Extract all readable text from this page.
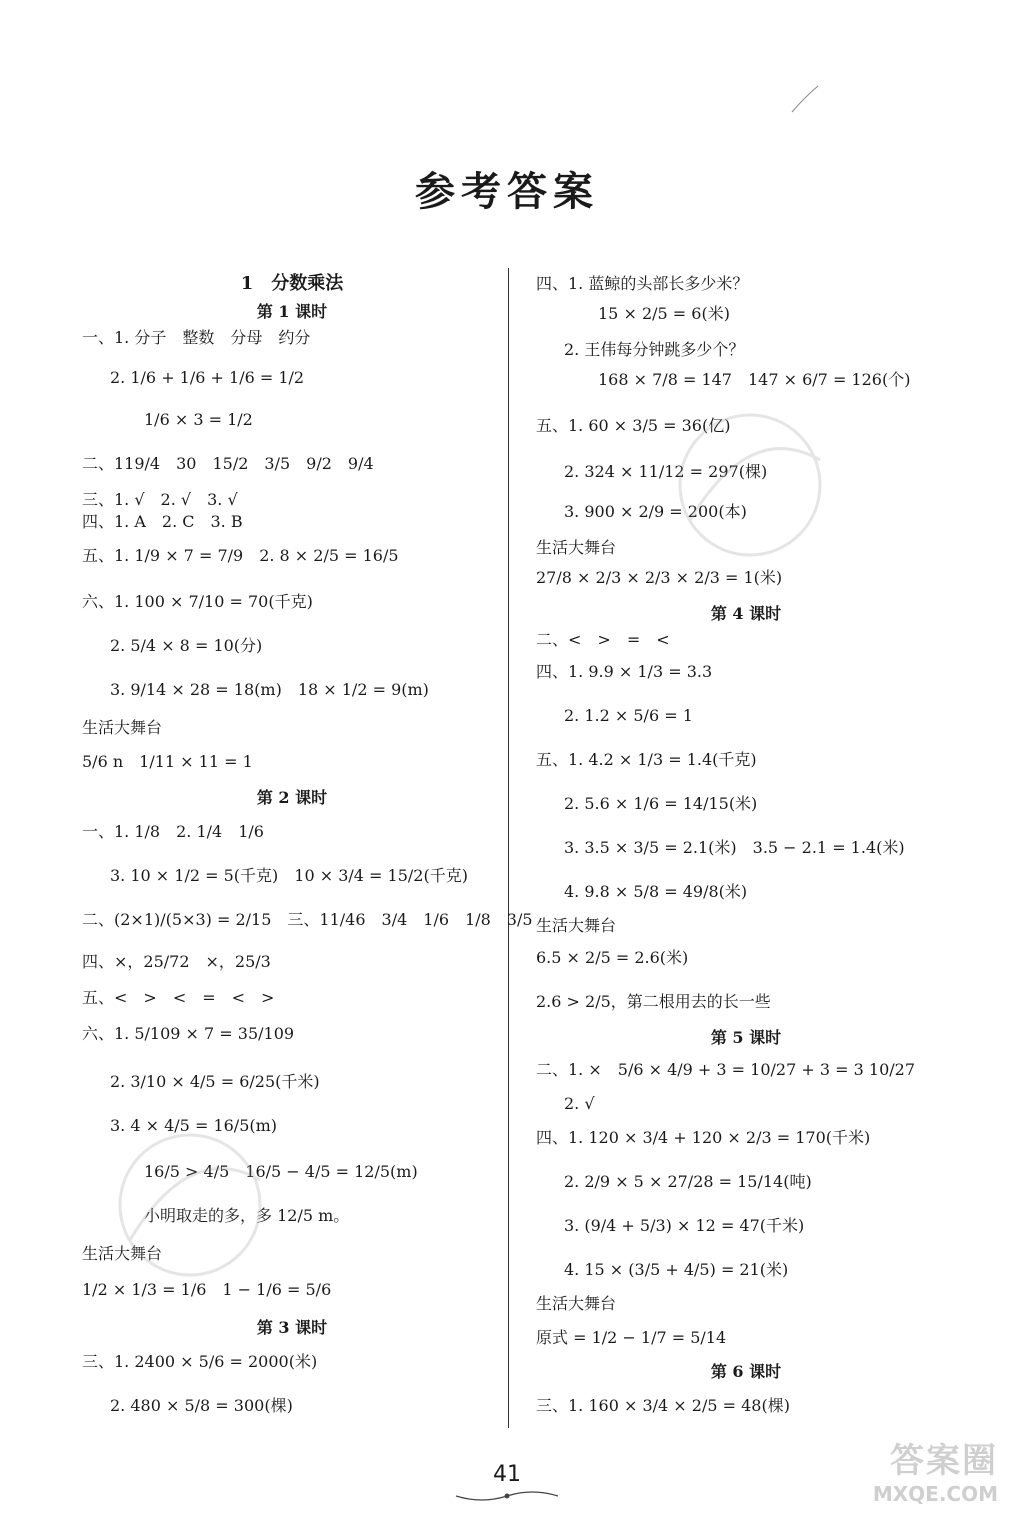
参考答案
1　分数乘法
第 1 课时
一、1. 分子　整数　分母　约分
2. 1/6 + 1/6 + 1/6 = 1/2
1/6 × 3 = 1/2
二、119/4　30　15/2　3/5　9/2　9/4
三、1. √　2. √　3. √
四、1. A　2. C　3. B
五、1. 1/9 × 7 = 7/9　2. 8 × 2/5 = 16/5
六、1. 100 × 7/10 = 70(千克)
2. 5/4 × 8 = 10(分)
3. 9/14 × 28 = 18(m)　18 × 1/2 = 9(m)
生活大舞台
5/6 n　1/11 × 11 = 1
第 2 课时
一、1. 1/8　2. 1/4　1/6
3. 10 × 1/2 = 5(千克)　10 × 3/4 = 15/2(千克)
二、(2×1)/(5×3) = 2/15　三、11/46　3/4　1/6　1/8　3/5
四、×，25/72　×，25/3
五、<　>　<　=　<　>
六、1. 5/109 × 7 = 35/109
2. 3/10 × 4/5 = 6/25(千米)
3. 4 × 4/5 = 16/5(m)
16/5 > 4/5　16/5 − 4/5 = 12/5(m)
小明取走的多，多 12/5 m。
生活大舞台
1/2 × 1/3 = 1/6　1 − 1/6 = 5/6
第 3 课时
三、1. 2400 × 5/6 = 2000(米)
2. 480 × 5/8 = 300(棵)
四、1. 蓝鲸的头部长多少米？
15 × 2/5 = 6(米)
2. 王伟每分钟跳多少个？
168 × 7/8 = 147　147 × 6/7 = 126(个)
五、1. 60 × 3/5 = 36(亿)
2. 324 × 11/12 = 297(棵)
3. 900 × 2/9 = 200(本)
生活大舞台
27/8 × 2/3 × 2/3 × 2/3 = 1(米)
第 4 课时
二、<　>　=　<
四、1. 9.9 × 1/3 = 3.3
2. 1.2 × 5/6 = 1
五、1. 4.2 × 1/3 = 1.4(千克)
2. 5.6 × 1/6 = 14/15(米)
3. 3.5 × 3/5 = 2.1(米)　3.5 − 2.1 = 1.4(米)
4. 9.8 × 5/8 = 49/8(米)
生活大舞台
6.5 × 2/5 = 2.6(米)
2.6 > 2/5，第二根用去的长一些
第 5 课时
二、1. ×　5/6 × 4/9 + 3 = 10/27 + 3 = 3 10/27
2. √
四、1. 120 × 3/4 + 120 × 2/3 = 170(千米)
2. 2/9 × 5 × 27/28 = 15/14(吨)
3. (9/4 + 5/3) × 12 = 47(千米)
4. 15 × (3/5 + 4/5) = 21(米)
生活大舞台
原式 = 1/2 − 1/7 = 5/14
第 6 课时
三、1. 160 × 3/4 × 2/5 = 48(棵)
41	答案圈
MXQE.COM
